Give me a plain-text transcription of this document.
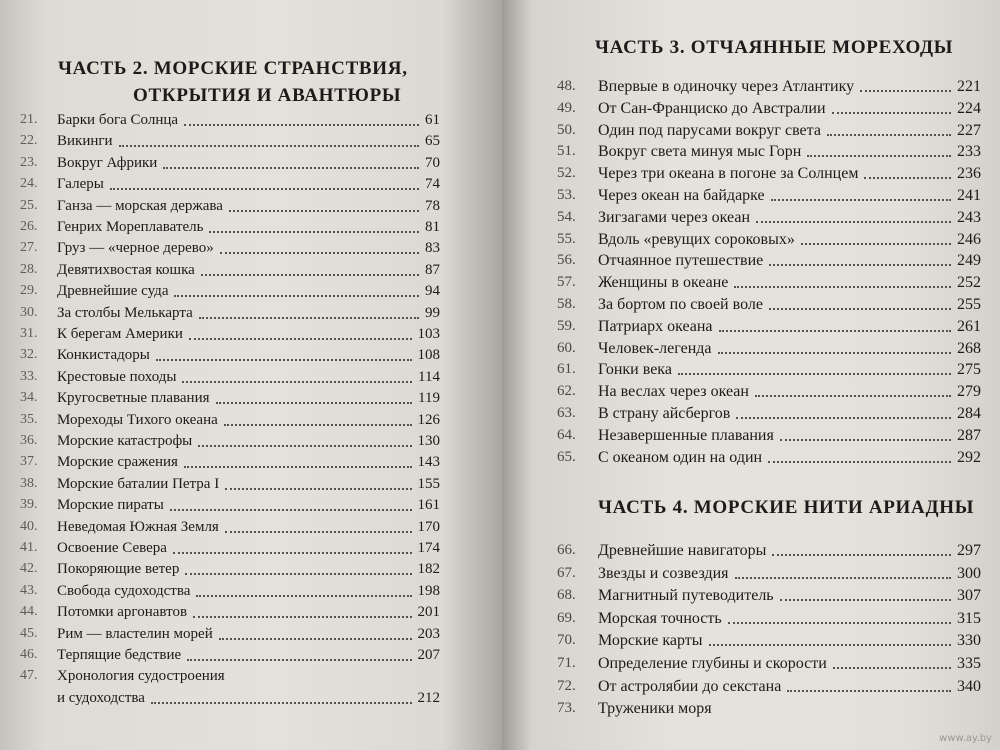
ЧАСТЬ 2. МОРСКИЕ СТРАНСТВИЯ,
ОТКРЫТИЯ И АВАНТЮРЫ
21. Барки бога Солнца	61
22. Викинги	65
23. Вокруг Африки	70
24. Галеры	74
25. Ганза — морская держава	78
26. Генрих Мореплаватель	81
27. Груз — «черное дерево»	83
28. Девятихвостая кошка	87
29. Древнейшие суда	94
30. За столбы Мелькарта	99
31. К берегам Америки	103
32. Конкистадоры	108
33. Крестовые походы	114
34. Кругосветные плавания	119
35. Мореходы Тихого океана	126
36. Морские катастрофы	130
37. Морские сражения	143
38. Морские баталии Петра I	155
39. Морские пираты	161
40. Неведомая Южная Земля	170
41. Освоение Севера	174
42. Покоряющие ветер	182
43. Свобода судоходства	198
44. Потомки аргонавтов	201
45. Рим — властелин морей	203
46. Терпящие бедствие	207
47. Хронология судостроения
и судоходства	212
ЧАСТЬ 3. ОТЧАЯННЫЕ МОРЕХОДЫ
48. Впервые в одиночку через Атлантику	221
49. От Сан-Франциско до Австралии	224
50. Один под парусами вокруг света	227
51. Вокруг света минуя мыс Горн	233
52. Через три океана в погоне за Солнцем	236
53. Через океан на байдарке	241
54. Зигзагами через океан	243
55. Вдоль «ревущих сороковых»	246
56. Отчаянное путешествие	249
57. Женщины в океане	252
58. За бортом по своей воле	255
59. Патриарх океана	261
60. Человек-легенда	268
61. Гонки века	275
62. На веслах через океан	279
63. В страну айсбергов	284
64. Незавершенные плавания	287
65. С океаном один на один	292
ЧАСТЬ 4. МОРСКИЕ НИТИ АРИАДНЫ
66. Древнейшие навигаторы	297
67. Звезды и созвездия	300
68. Магнитный путеводитель	307
69. Морская точность	315
70. Морские карты	330
71. Определение глубины и скорости	335
72. От астролябии до секстана	340
73. Труженики моря
www.ay.by
